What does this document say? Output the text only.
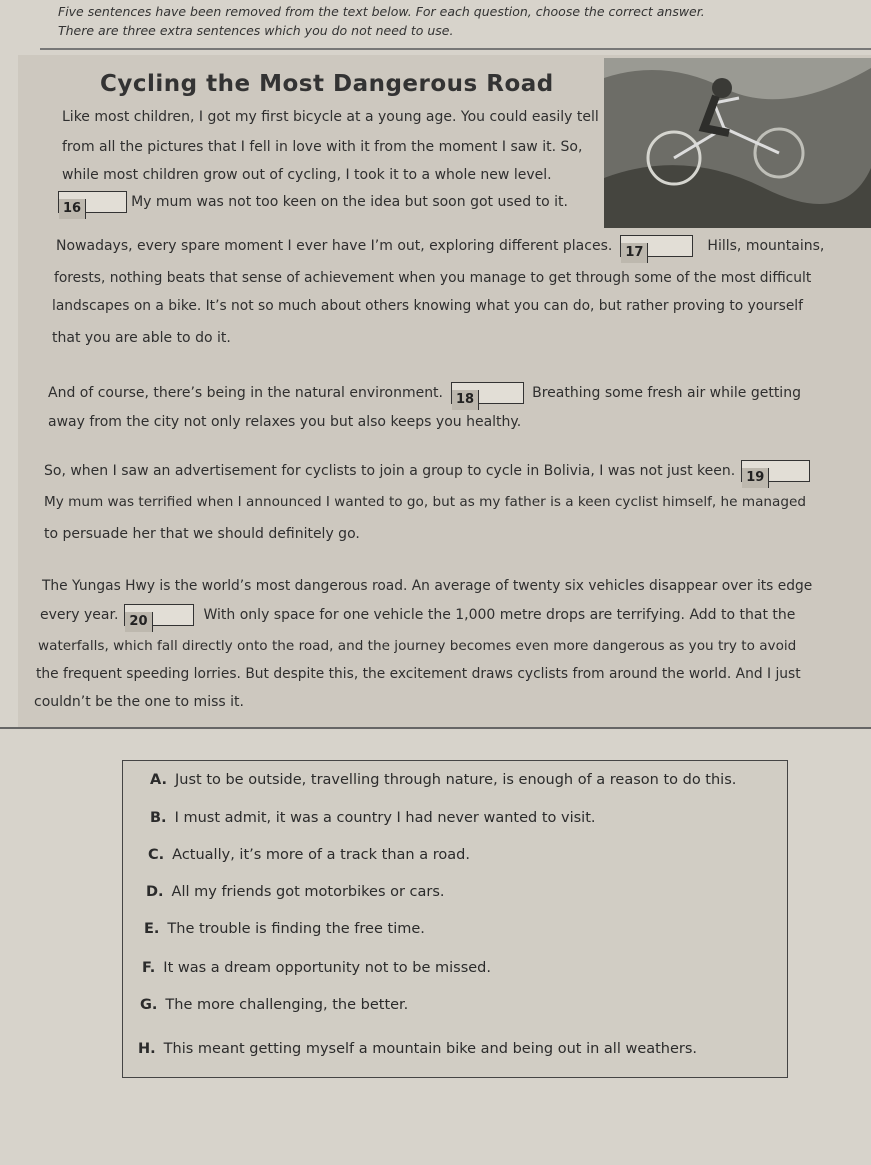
Five sentences have been removed from the text below. For each question, choose the correct answer.
There are three extra sentences which you do not need to use.
Cycling the Most Dangerous Road
Like most children, I got my first bicycle at a young age. You could easily tell
from all the pictures that I fell in love with it from the moment I saw it. So,
while most children grow out of cycling, I took it to a whole new level.
16	My mum was not too keen on the idea but soon got used to it.
Nowadays, every spare moment I ever have I’m out, exploring different places. 17	Hills, mountains,
forests, nothing beats that sense of achievement when you manage to get through some of the most difficult
landscapes on a bike. It’s not so much about others knowing what you can do, but rather proving to yourself
that you are able to do it.
And of course, there’s being in the natural environment. 18	Breathing some fresh air while getting
away from the city not only relaxes you but also keeps you healthy.
So, when I saw an advertisement for cyclists to join a group to cycle in Bolivia, I was not just keen. 19
My mum was terrified when I announced I wanted to go, but as my father is a keen cyclist himself, he managed
to persuade her that we should definitely go.
The Yungas Hwy is the world’s most dangerous road. An average of twenty six vehicles disappear over its edge
every year. 20	With only space for one vehicle the 1,000 metre drops are terrifying. Add to that the
waterfalls, which fall directly onto the road, and the journey becomes even more dangerous as you try to avoid
the frequent speeding lorries. But despite this, the excitement draws cyclists from around the world. And I just
couldn’t be the one to miss it.
A. Just to be outside, travelling through nature, is enough of a reason to do this.
B. I must admit, it was a country I had never wanted to visit.
C. Actually, it’s more of a track than a road.
D. All my friends got motorbikes or cars.
E. The trouble is finding the free time.
F. It was a dream opportunity not to be missed.
G. The more challenging, the better.
H. This meant getting myself a mountain bike and being out in all weathers.
